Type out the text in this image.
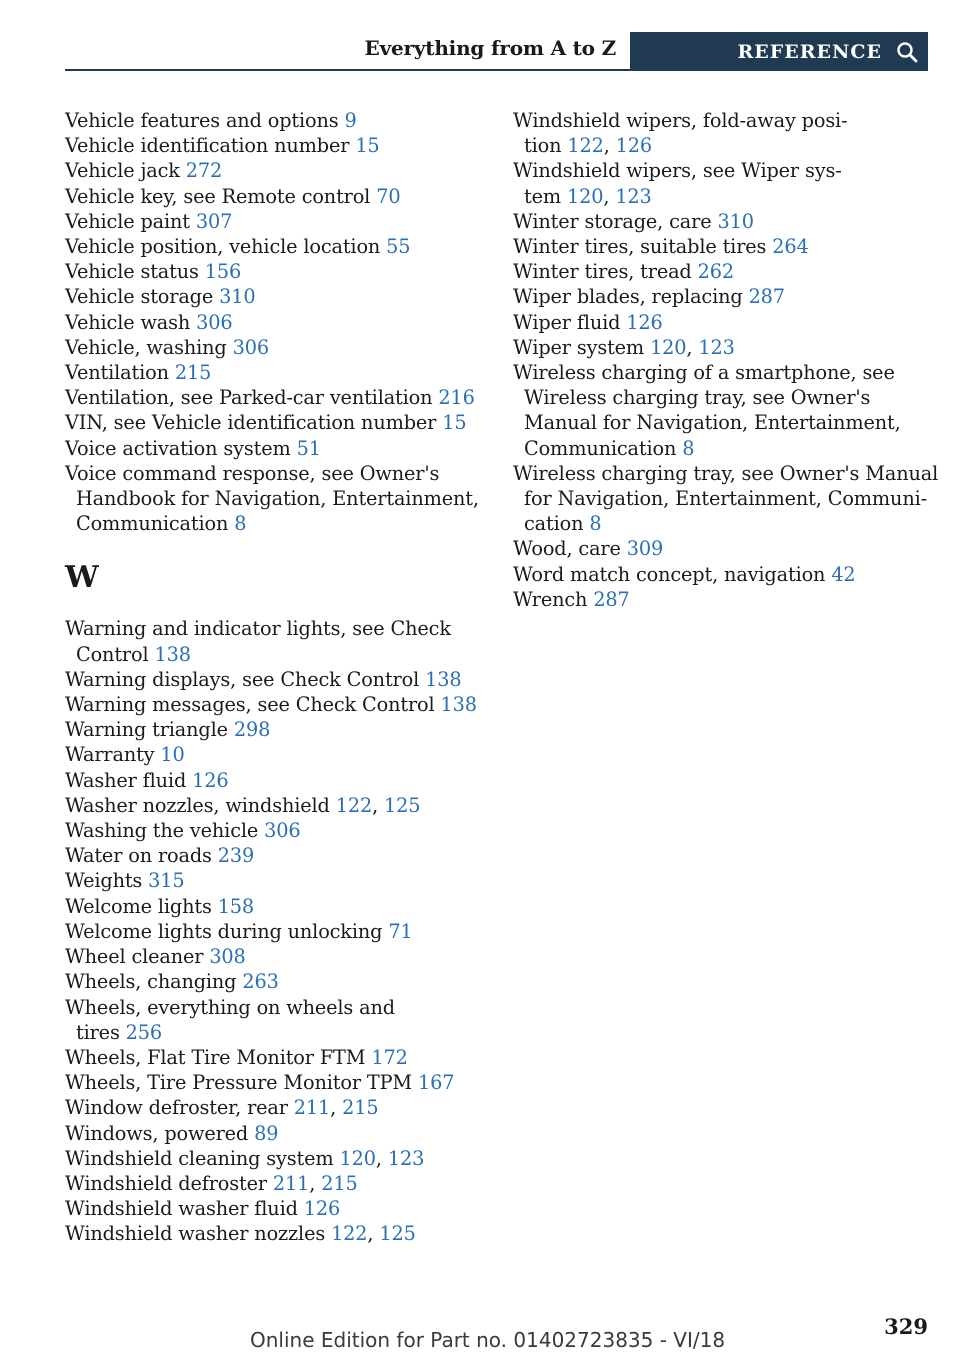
Everything from A to Z	REFERENCE

Vehicle features and options 9

Vehicle identification number 15

Vehicle jack 272

Vehicle key, see Remote control 70

Vehicle paint 307

Vehicle position, vehicle location 55

Vehicle status 156

Vehicle storage 310

Vehicle wash 306

Vehicle, washing 306

Ventilation 215

Ventilation, see Parked-car ventilation 216

VIN, see Vehicle identification number 15

Voice activation system 51

Voice command response, see Owner's
Handbook for Navigation, Entertainment,
Communication 8

W

Warning and indicator lights, see Check
Control 138

Warning displays, see Check Control 138

Warning messages, see Check Control 138

Warning triangle 298

Warranty 10

Washer fluid 126

Washer nozzles, windshield 122, 125

Washing the vehicle 306

Water on roads 239

Weights 315

Welcome lights 158

Welcome lights during unlocking 71

Wheel cleaner 308

Wheels, changing 263

Wheels, everything on wheels and
tires 256

Wheels, Flat Tire Monitor FTM 172

Wheels, Tire Pressure Monitor TPM 167

Window defroster, rear 211, 215

Windows, powered 89

Windshield cleaning system 120, 123

Windshield defroster 211, 215

Windshield washer fluid 126

Windshield washer nozzles 122, 125

Windshield wipers, fold-away posi-
tion 122, 126

Windshield wipers, see Wiper sys-
tem 120, 123

Winter storage, care 310

Winter tires, suitable tires 264

Winter tires, tread 262

Wiper blades, replacing 287

Wiper fluid 126

Wiper system 120, 123

Wireless charging of a smartphone, see
Wireless charging tray, see Owner's
Manual for Navigation, Entertainment,
Communication 8

Wireless charging tray, see Owner's Manual
for Navigation, Entertainment, Communi-
cation 8

Wood, care 309

Word match concept, navigation 42

Wrench 287

329
Online Edition for Part no. 01402723835 - VI/18
